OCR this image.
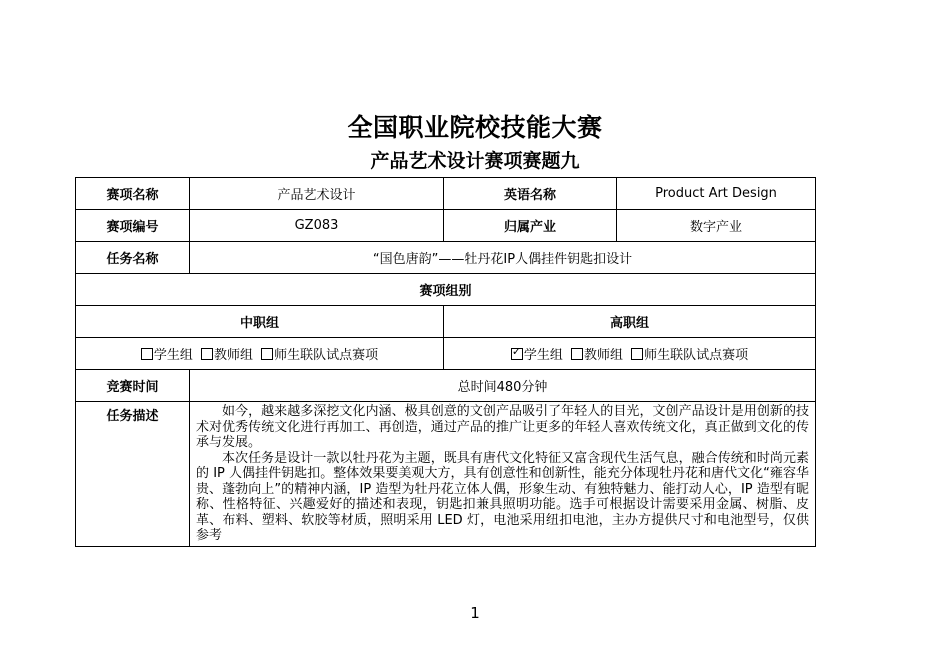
全国职业院校技能大赛
产品艺术设计赛项赛题九
赛项名称	产品艺术设计	英语名称	Product Art Design
赛项编号	GZ083	归属产业	数字产业
任务名称	“国色唐韵”——牡丹花IP人偶挂件钥匙扣设计		
赛项组别			
中职组		高职组	
学生组 教师组 师生联队试点赛项	✓学生组 教师组 师生联队试点赛项
竞赛时间	总时间480分钟		
任务描述	如今，越来越多深挖文化内涵、极具创意的文创产品吸引了年轻人的目光，文创产品设计是用创新的技术对优秀传统文化进行再加工、再创造，通过产品的推广让更多的年轻人喜欢传统文化，真正做到文化的传承与发展。

本次任务是设计一款以牡丹花为主题，既具有唐代文化特征又富含现代生活气息，融合传统和时尚元素的 IP 人偶挂件钥匙扣。整体效果要美观大方，具有创意性和创新性，能充分体现牡丹花和唐代文化“雍容华贵、蓬勃向上”的精神内涵，IP 造型为牡丹花立体人偶，形象生动、有独特魅力、能打动人心，IP 造型有昵称、性格特征、兴趣爱好的描述和表现，钥匙扣兼具照明功能。选手可根据设计需要采用金属、树脂、皮革、布料、塑料、软胶等材质，照明采用 LED 灯，电池采用纽扣电池，主办方提供尺寸和电池型号，仅供参考		

1
